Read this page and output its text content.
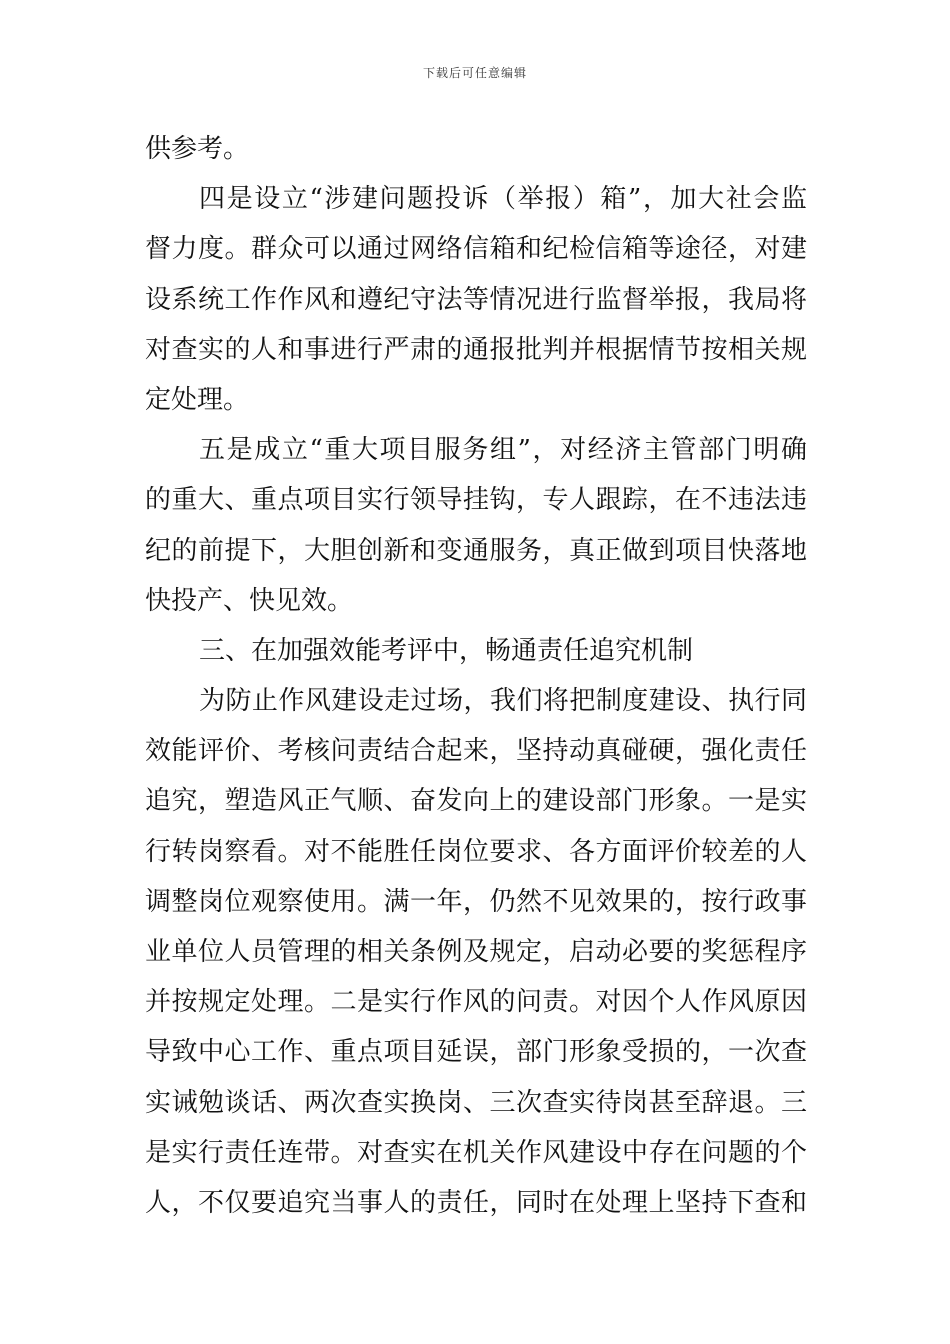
下载后可任意编辑
供参考。
四是设立“涉建问题投诉（举报）箱”，加大社会监
督力度。群众可以通过网络信箱和纪检信箱等途径，对建
设系统工作作风和遵纪守法等情况进行监督举报，我局将
对查实的人和事进行严肃的通报批判并根据情节按相关规
定处理。
五是成立“重大项目服务组”，对经济主管部门明确
的重大、重点项目实行领导挂钩，专人跟踪，在不违法违
纪的前提下，大胆创新和变通服务，真正做到项目快落地
快投产、快见效。
三、在加强效能考评中，畅通责任追究机制
为防止作风建设走过场，我们将把制度建设、执行同
效能评价、考核问责结合起来，坚持动真碰硬，强化责任
追究，塑造风正气顺、奋发向上的建设部门形象。一是实
行转岗察看。对不能胜任岗位要求、各方面评价较差的人
调整岗位观察使用。满一年，仍然不见效果的，按行政事
业单位人员管理的相关条例及规定，启动必要的奖惩程序
并按规定处理。二是实行作风的问责。对因个人作风原因
导致中心工作、重点项目延误，部门形象受损的，一次查
实诫勉谈话、两次查实换岗、三次查实待岗甚至辞退。三
是实行责任连带。对查实在机关作风建设中存在问题的个
人，不仅要追究当事人的责任，同时在处理上坚持下查和
